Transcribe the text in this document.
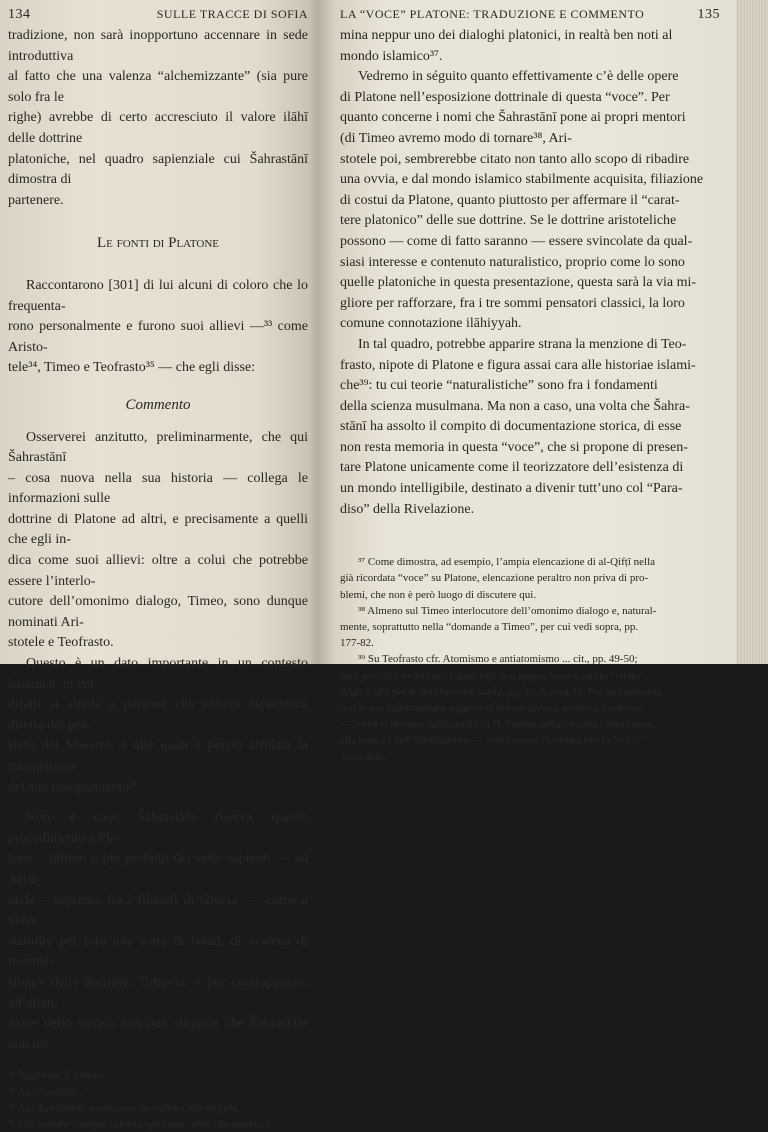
134	SULLE TRACCE DI SOFIA

tradizione, non sarà inopportuno accennare in sede introduttiva

al fatto che una valenza “alchemizzante” (sia pure solo fra le

righe) avrebbe di certo accresciuto il valore ilāhī delle dottrine

platoniche, nel quadro sapienziale cui Šahrastānī dimostra di

partenere.

Le fonti di Platone

Raccontarono [301] di lui alcuni di coloro che lo frequenta-

rono personalmente e furono suoi allievi —³³ come Aristo-

tele³⁴, Timeo e Teofrasto³⁵ — che egli disse:

Commento

Osserverei anzitutto, preliminarmente, che qui Šahrastānī

– cosa nuova nella sua historia — collega le informazioni sulle

dottrine di Platone ad altri, e precisamente a quelli che egli in-

dica come suoi allievi: oltre a colui che potrebbe essere l’interlo-

cutore dell’omonimo dialogo, Timeo, sono dunque nominati Ari-

stotele e Teofrasto.

Questo è un dato importante in un contesto islamico, in cui

difatti si allude a persone che ebbero esperienza diretta del pen-

siero del Maestro, e alle quali è perciò affidata la trasmissione

del suo insegnamento³⁶.

Non a caso Šahrastānī riserva questo procedimento a Pla-

tone – ultimo e più perfetto dei sette sapienti — ad Arist-

otele – supremo fra i filosofi di Grecia —: come a voler

stabilire per loro una sorta di isnād, di «catena di trasmis-

sione» delle dottrine. Tuttavia, e per contrappasso, all’atten-

zione dello storico non può sfuggire che Šahrastānī non no-

³³ Aggiungo il trattino.

³⁴ Ar.: Arsṭūṭālīs.

³⁵ Ar.: Ṯawfrisṭus; sostituisco un trattino alla virgola.

³⁶ Che assume dunque valenza spirituale, oltre che teoretica.

LA “VOCE” PLATONE: TRADUZIONE E COMMENTO	135

mina neppur uno dei dialoghi platonici, in realtà ben noti al

mondo islamico³⁷.

Vedremo in séguito quanto effettivamente c’è delle opere

di Platone nell’esposizione dottrinale di questa “voce”. Per

quanto concerne i nomi che Šahrastānī pone ai propri mentori

(di Timeo avremo modo di tornare³⁸, Ari-

stotele poi, sembrerebbe citato non tanto allo scopo di ribadire

una ovvia, e dal mondo islamico stabilmente acquisita, filiazione

di costui da Platone, quanto piuttosto per affermare il “carat-

tere platonico” delle sue dottrine. Se le dottrine aristoteliche

possono — come di fatto saranno — essere svincolate da qual-

siasi interesse e contenuto naturalistico, proprio come lo sono

quelle platoniche in questa presentazione, questa sarà la via mi-

gliore per rafforzare, fra i tre sommi pensatori classici, la loro

comune connotazione ilāhiyyah.

In tal quadro, potrebbe apparire strana la menzione di Teo-

frasto, nipote di Platone e figura assai cara alle historiae islami-

che³⁹: tu cui teorie “naturalistiche” sono fra i fondamenti

della scienza musulmana. Ma non a caso, una volta che Šahra-

stānī ha assolto il compito di documentazione storica, di esse

non resta memoria in questa “voce”, che si propone di presen-

tare Platone unicamente come il teorizzatore dell’esistenza di

un mondo intelligibile, destinato a divenir tutt’uno col “Para-

diso” della Rivelazione.

³⁷ Come dimostra, ad esempio, l’ampia elencazione di al-Qifṭī nella

già ricordata “voce” su Platone, elencazione peraltro non priva di pro-

blemi, che non è però luogo di discutere qui.

³⁸ Almeno sul Timeo interlocutore dell’omonimo dialogo e, natural-

mente, soprattutto nella “domande a Timeo”, per cui vedi sopra, pp.

177-82.

³⁹ Su Teofrasto cfr. Atomismo e antiatomismo ... cit., pp. 49-50;

suoi possibili motivi per i quali egli non appare invece molto “citato”

dagli Arabi per le dottrine vedi sopra, pp. 42-3, nota 22. Per un confronto

con le tesi šahrastaniane oggetto di questo lavoro, semmai, Teofrasto

— come si desume dallo studio di H. Daiber nella raccolta citata sopra,

alla nota 22 dell’Introduzione — potrà essere ricordato per la “voce”

Aristotele.
